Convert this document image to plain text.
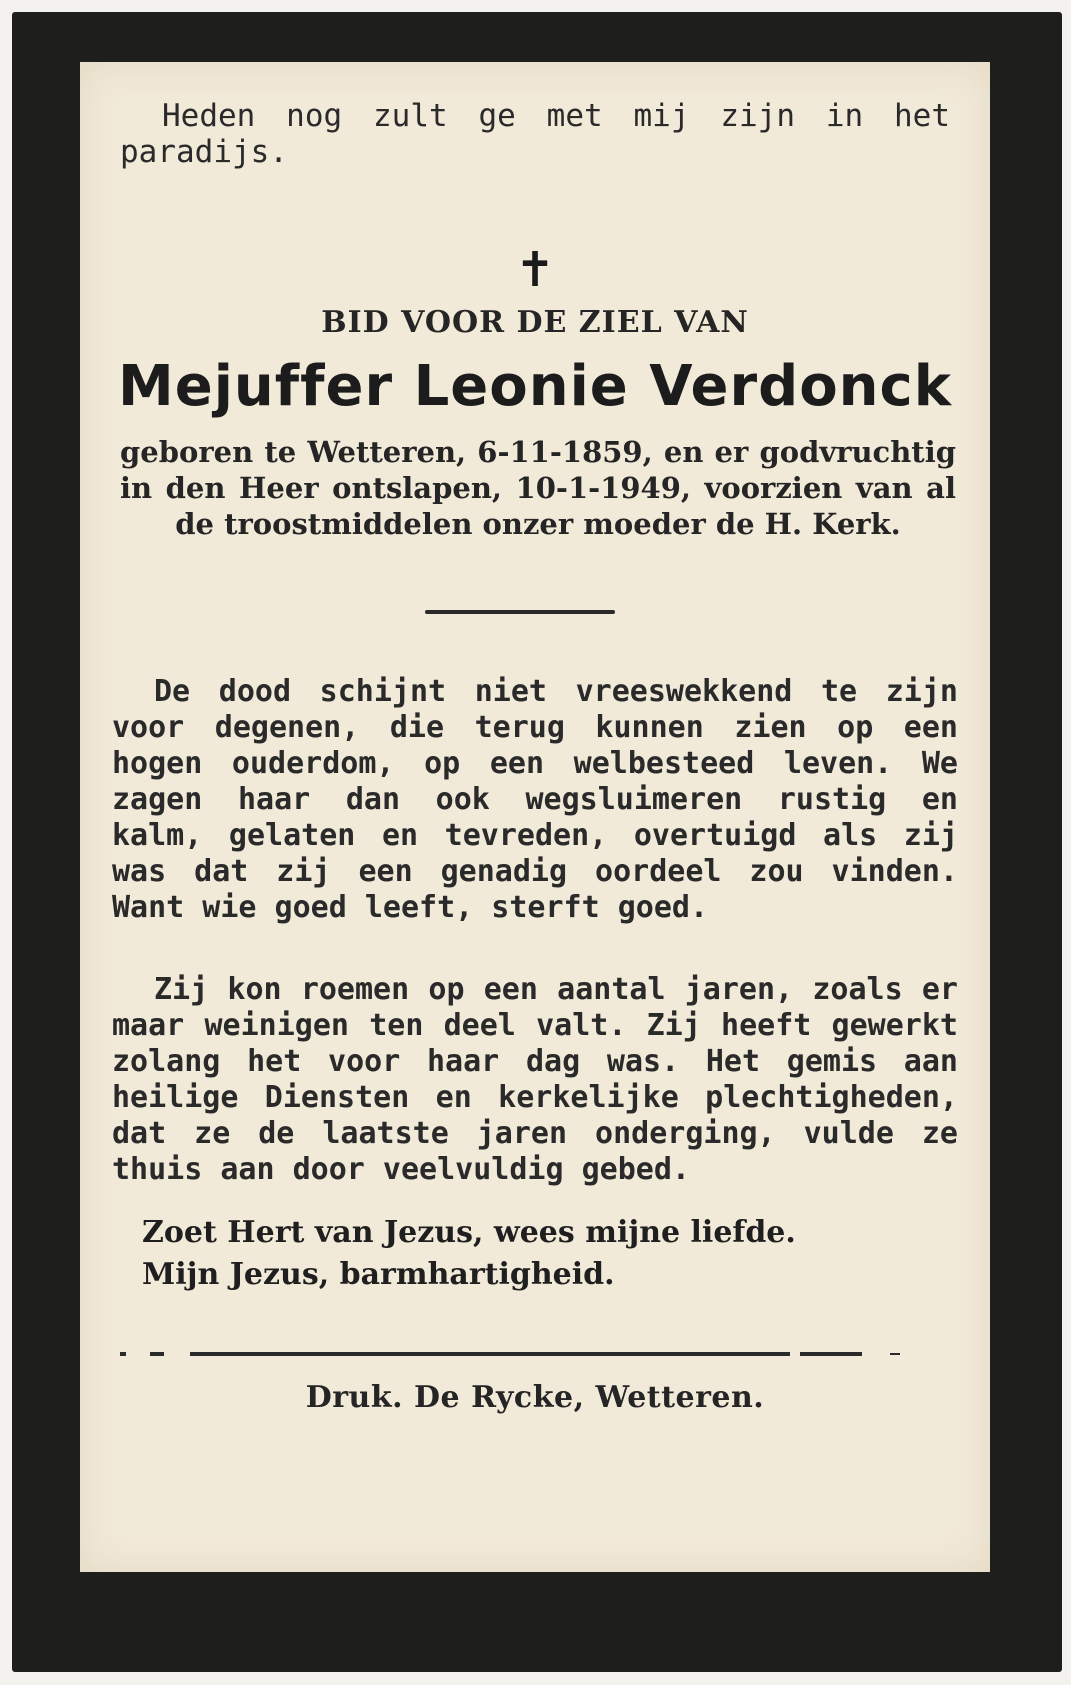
Heden nog zult ge met mij zijn in het paradijs.

✝
BID VOOR DE ZIEL VAN
Mejuffer Leonie Verdonck

geboren te Wetteren, 6-11-1859, en er godvruchtig in den Heer ontslapen, 10-1-1949, voorzien van al de troostmiddelen onzer moeder de H. Kerk.

De dood schijnt niet vreeswekkend te zijn voor degenen, die terug kunnen zien op een hogen ouderdom, op een welbesteed leven. We zagen haar dan ook wegsluimeren rustig en kalm, gelaten en tevreden, overtuigd als zij was dat zij een genadig oordeel zou vinden. Want wie goed leeft, sterft goed.

Zij kon roemen op een aantal jaren, zoals er maar weinigen ten deel valt. Zij heeft gewerkt zolang het voor haar dag was. Het gemis aan heilige Diensten en kerkelijke plechtigheden, dat ze de laatste jaren onderging, vulde ze thuis aan door veelvuldig gebed.

Zoet Hert van Jezus, wees mijne liefde.
Mijn Jezus, barmhartigheid.
Druk. De Rycke, Wetteren.
